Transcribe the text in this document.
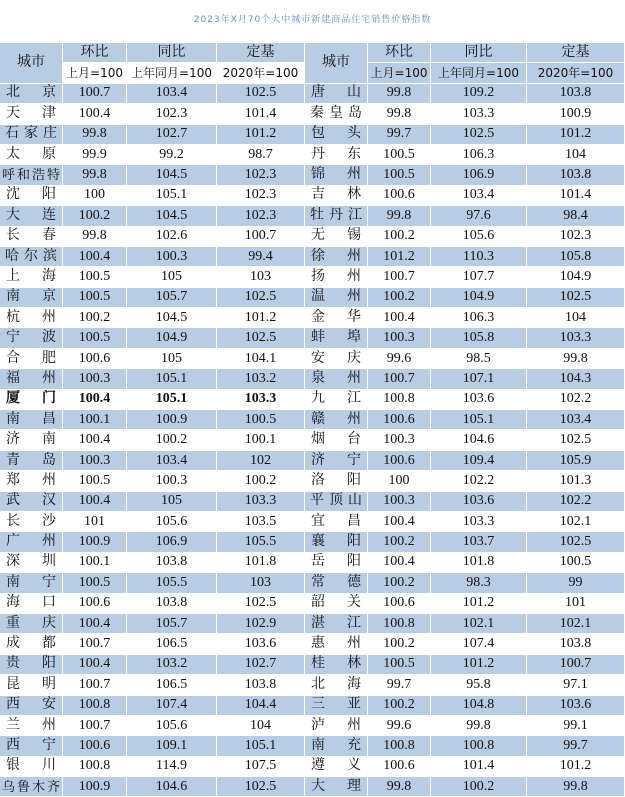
2023年X月70个大中城市新建商品住宅销售价格指数
城市	环比	同比	定基	城市	环比	同比	定基
	上月=100	上年同月=100	2020年=100		上月=100	上年同月=100	2020年=100

北 京	100.7	103.4	102.5	唐 山	99.8	109.2	103.8

天 津	100.4	102.3	101.4	秦 皇 岛	99.8	103.3	100.9

石 家 庄	99.8	102.7	101.2	包 头	99.7	102.5	101.2

太 原	99.9	99.2	98.7	丹 东	100.5	106.3	104

呼和浩特	99.8	104.5	102.3	锦 州	100.5	106.9	103.8

沈 阳	100	105.1	102.3	吉 林	100.6	103.4	101.4

大 连	100.2	104.5	102.3	牡 丹 江	99.8	97.6	98.4

长 春	99.8	102.6	100.7	无 锡	100.2	105.6	102.3

哈 尔 滨	100.4	100.3	99.4	徐 州	101.2	110.3	105.8

上 海	100.5	105	103	扬 州	100.7	107.7	104.9

南 京	100.5	105.7	102.5	温 州	100.2	104.9	102.5

杭 州	100.2	104.5	101.2	金 华	100.4	106.3	104

宁 波	100.5	104.9	102.5	蚌 埠	100.3	105.8	103.3

合 肥	100.6	105	104.1	安 庆	99.6	98.5	99.8

福 州	100.3	105.1	103.2	泉 州	100.7	107.1	104.3

厦 门	100.4	105.1	103.3	九 江	100.8	103.6	102.2

南 昌	100.1	100.9	100.5	赣 州	100.6	105.1	103.4

济 南	100.4	100.2	100.1	烟 台	100.3	104.6	102.5

青 岛	100.3	103.4	102	济 宁	100.6	109.4	105.9

郑 州	100.5	100.3	100.2	洛 阳	100	102.2	101.3

武 汉	100.4	105	103.3	平 顶 山	100.3	103.6	102.2

长 沙	101	105.6	103.5	宜 昌	100.4	103.3	102.1

广 州	100.9	106.9	105.5	襄 阳	100.2	103.7	102.5

深 圳	100.1	103.8	101.8	岳 阳	100.4	101.8	100.5

南 宁	100.5	105.5	103	常 德	100.2	98.3	99

海 口	100.6	103.8	102.5	韶 关	100.6	101.2	101

重 庆	100.4	105.7	102.9	湛 江	100.8	102.1	102.1

成 都	100.7	106.5	103.6	惠 州	100.2	107.4	103.8

贵 阳	100.4	103.2	102.7	桂 林	100.5	101.2	100.7

昆 明	100.7	106.5	103.8	北 海	99.7	95.8	97.1

西 安	100.8	107.4	104.4	三 亚	100.2	104.8	103.6

兰 州	100.7	105.6	104	泸 州	99.6	99.8	99.1

西 宁	100.6	109.1	105.1	南 充	100.8	100.8	99.7

银 川	100.8	114.9	107.5	遵 义	100.6	101.4	101.2

乌鲁木齐	100.9	104.6	102.5	大 理	99.8	100.2	99.8
